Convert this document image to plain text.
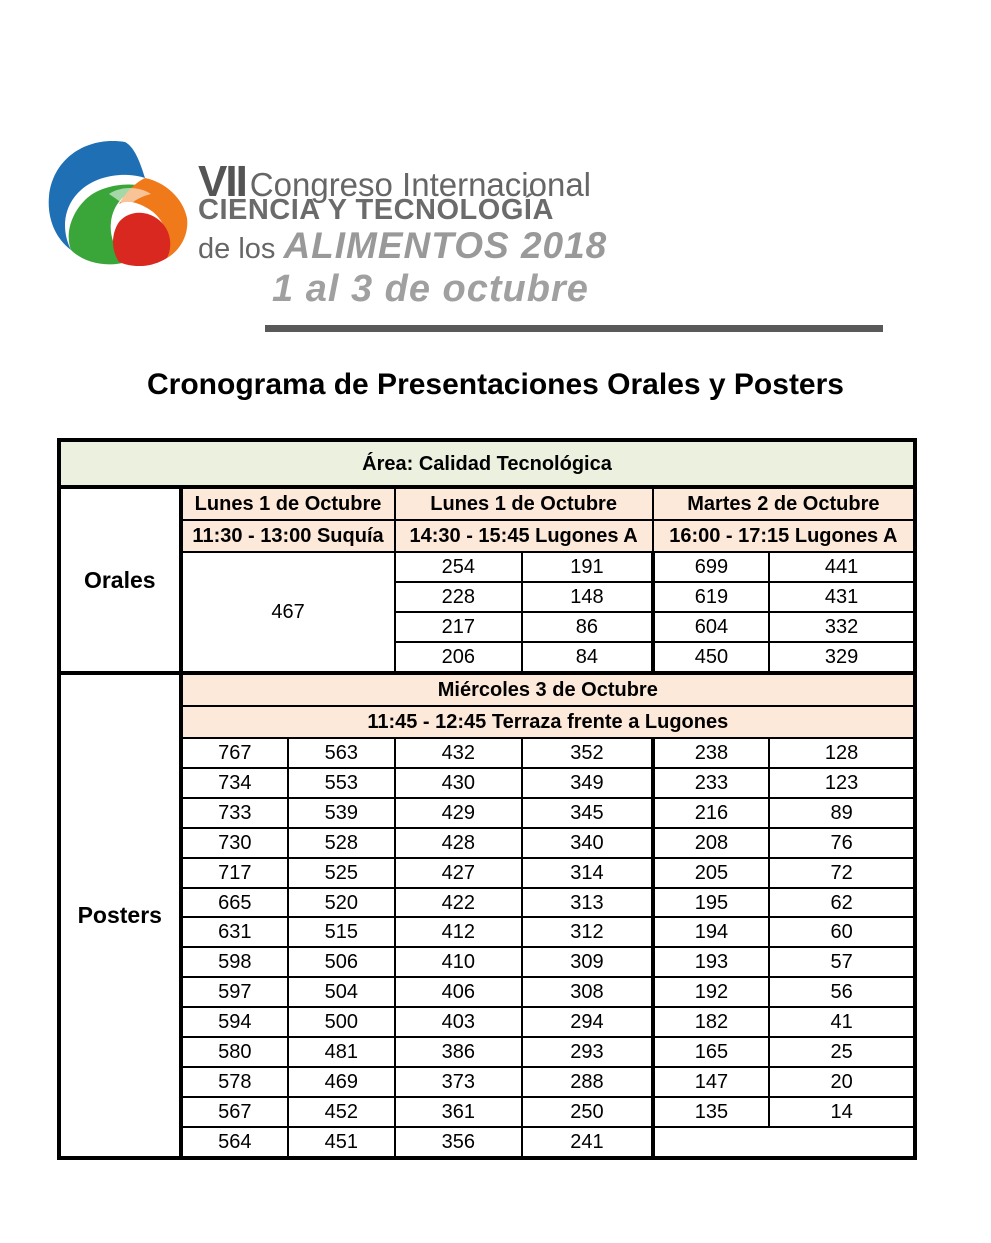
VII Congreso Internacional
CIENCIA Y TECNOLOGÍA
de los ALIMENTOS 2018
1 al 3 de octubre
Cronograma de Presentaciones Orales y Posters
Área: Calidad Tecnológica						
Orales	Lunes 1 de Octubre		Lunes 1 de Octubre		Martes 2 de Octubre	
	11:30 - 13:00 Suquía		14:30 - 15:45 Lugones A		16:00 - 17:15 Lugones A	
	467		254	191	699	441
			228	148	619	431
			217	86	604	332
			206	84	450	329
Posters	Miércoles 3 de Octubre					
	11:45 - 12:45 Terraza frente a Lugones					
	767	563	432	352	238	128
	734	553	430	349	233	123
	733	539	429	345	216	89
	730	528	428	340	208	76
	717	525	427	314	205	72
	665	520	422	313	195	62
	631	515	412	312	194	60
	598	506	410	309	193	57
	597	504	406	308	192	56
	594	500	403	294	182	41
	580	481	386	293	165	25
	578	469	373	288	147	20
	567	452	361	250	135	14
	564	451	356	241		
